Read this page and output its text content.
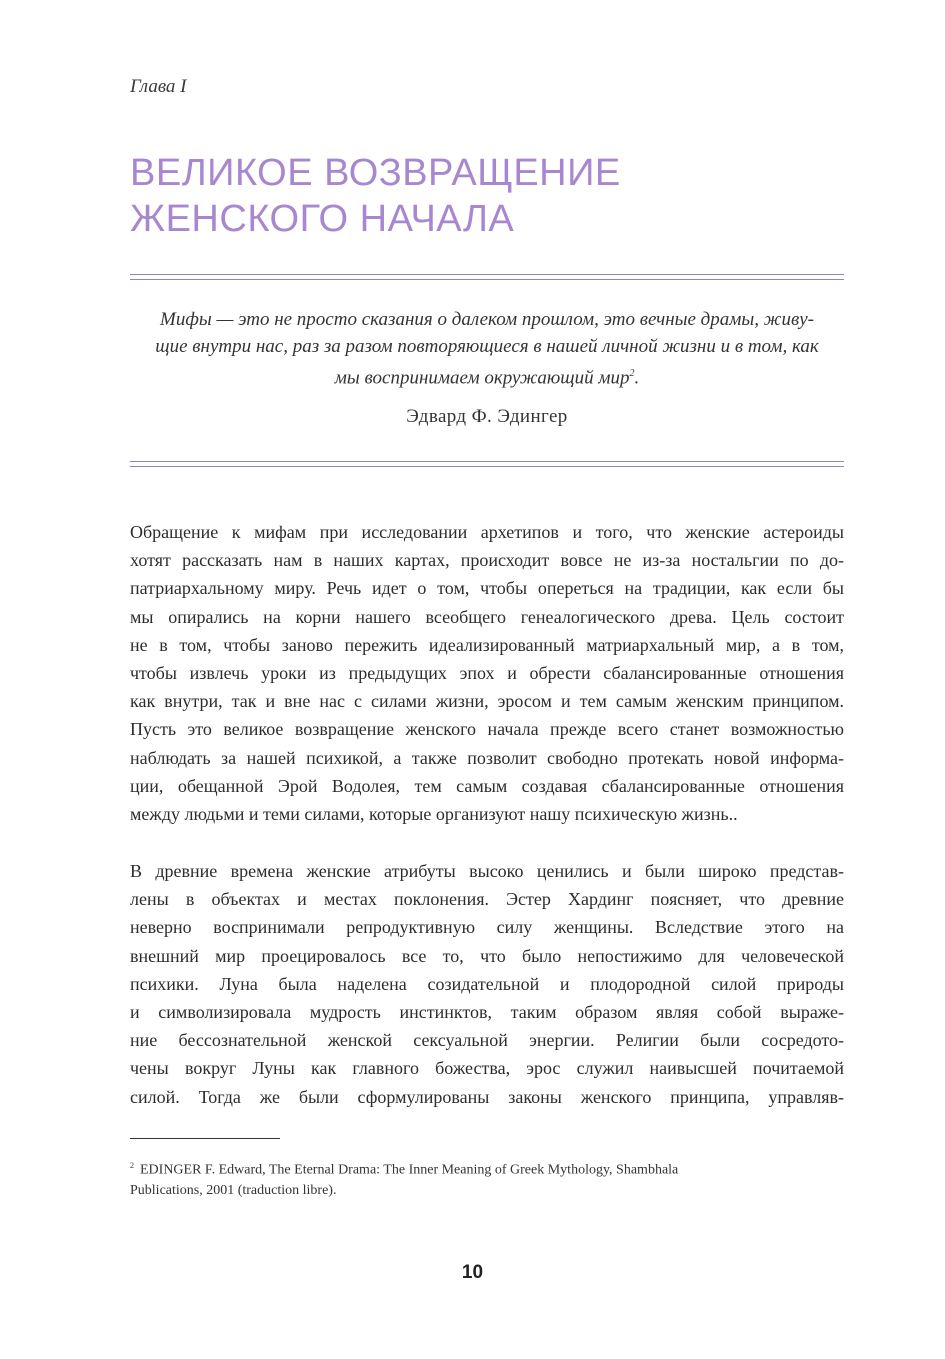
Глава I
ВЕЛИКОЕ ВОЗВРАЩЕНИЕ
ЖЕНСКОГО НАЧАЛА
Мифы — это не просто сказания о далеком прошлом, это вечные драмы, живу-
щие внутри нас, раз за разом повторяющиеся в нашей личной жизни и в том, как
мы воспринимаем окружающий мир$^2$.
Эдвард Ф. Эдингер
Обращение к мифам при исследовании архетипов и того, что женские астероиды
хотят рассказать нам в наших картах, происходит вовсе не из-за ностальгии по до-
патриархальному миру. Речь идет о том, чтобы опереться на традиции, как если бы
мы опирались на корни нашего всеобщего генеалогического древа. Цель состоит
не в том, чтобы заново пережить идеализированный матриархальный мир, а в том,
чтобы извлечь уроки из предыдущих эпох и обрести сбалансированные отношения
как внутри, так и вне нас с силами жизни, эросом и тем самым женским принципом.
Пусть это великое возвращение женского начала прежде всего станет возможностью
наблюдать за нашей психикой, а также позволит свободно протекать новой информа-
ции, обещанной Эрой Водолея, тем самым создавая сбалансированные отношения
между людьми и теми силами, которые организуют нашу психическую жизнь..
В древние времена женские атрибуты высоко ценились и были широко представ-
лены в объектах и местах поклонения. Эстер Хардинг поясняет, что древние
неверно воспринимали репродуктивную силу женщины. Вследствие этого на
внешний мир проецировалось все то, что было непостижимо для человеческой
психики. Луна была наделена созидательной и плодородной силой природы
и символизировала мудрость инстинктов, таким образом являя собой выраже-
ние бессознательной женской сексуальной энергии. Религии были сосредото-
чены вокруг Луны как главного божества, эрос служил наивысшей почитаемой
силой. Тогда же были сформулированы законы женского принципа, управляв-
$^2$ EDINGER F. Edward, The Eternal Drama: The Inner Meaning of Greek Mythology, Shambhala
Publications, 2001 (traduction libre).
10
